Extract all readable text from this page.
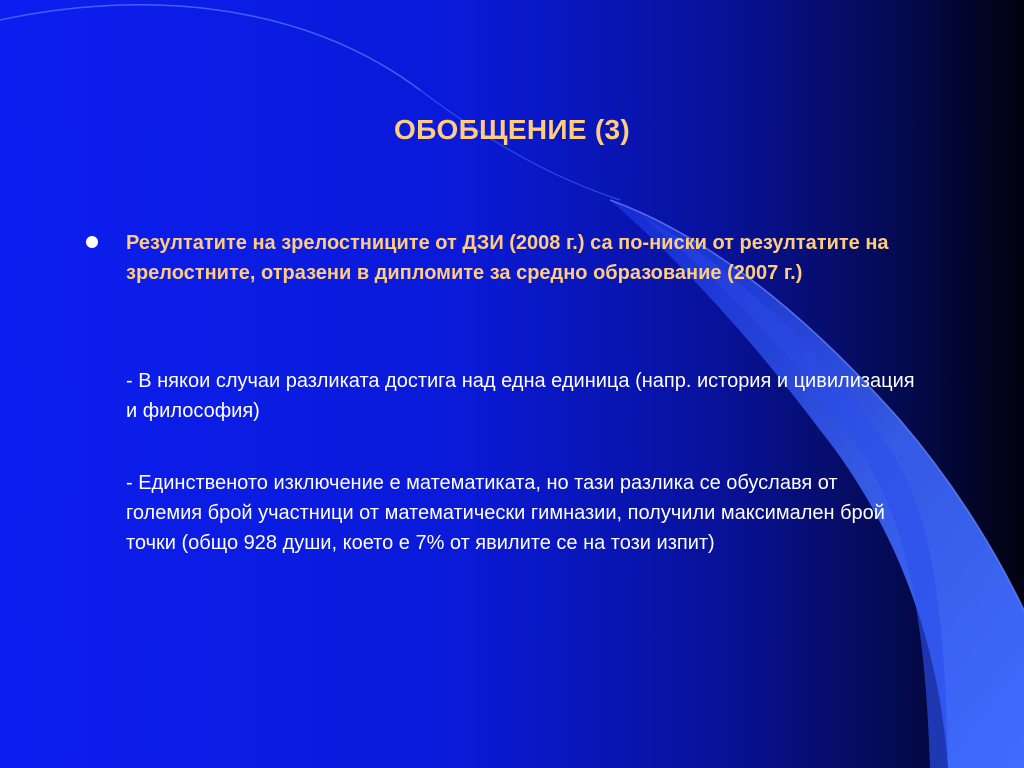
ОБОБЩЕНИЕ (3)
Резултатите на зрелостниците от ДЗИ (2008 г.) са по-ниски от резултатите на зрелостните, отразени в дипломите за средно образование (2007 г.)
- В някои случаи разликата достига над една единица (напр. история и цивилизация и философия)
- Единственото изключение е математиката, но тази разлика се обуславя от големия брой участници от математически гимназии, получили максимален брой точки (общо 928 души, което е 7% от явилите се на този изпит)
